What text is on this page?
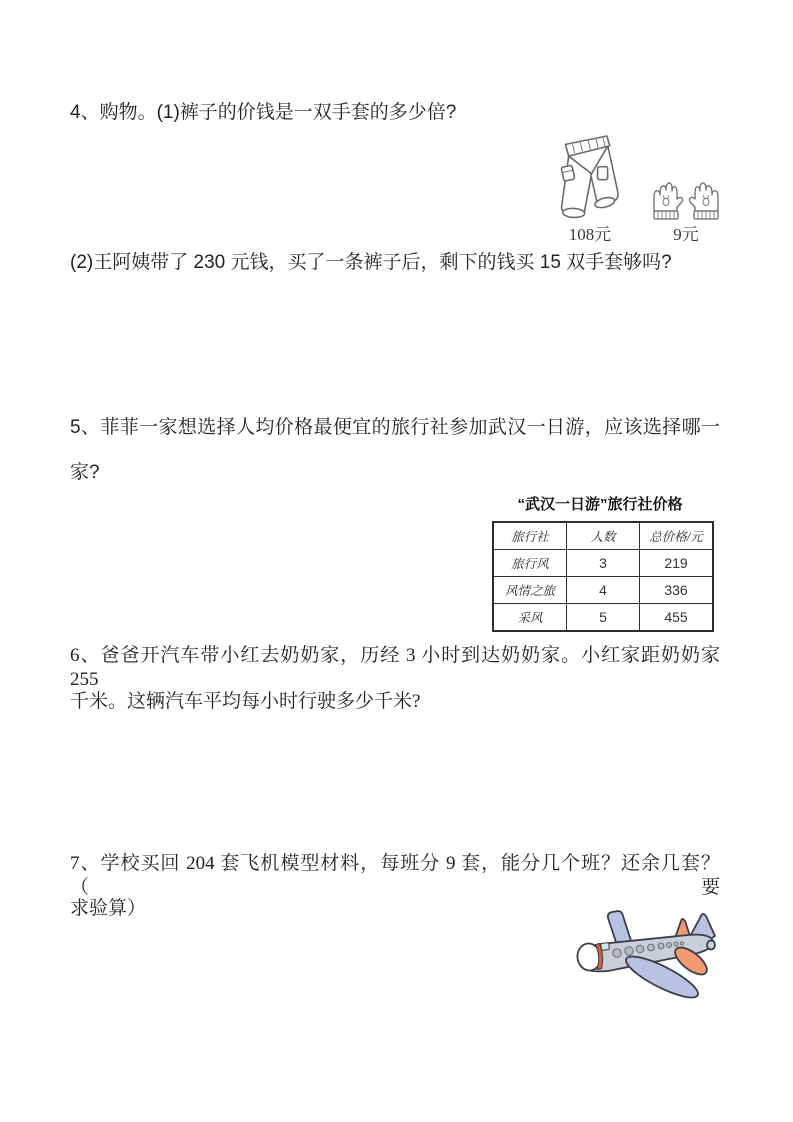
4、购物。(1)裤子的价钱是一双手套的多少倍?
108元	9元
(2)王阿姨带了 230 元钱，买了一条裤子后，剩下的钱买 15 双手套够吗?
5、菲菲一家想选择人均价格最便宜的旅行社参加武汉一日游，应该选择哪一
家?
“武汉一日游”旅行社价格
旅行社	人数	总价格/元
旅行风	3	219
风情之旅	4	336
采风	5	455
6、爸爸开汽车带小红去奶奶家，历经 3 小时到达奶奶家。小红家距奶奶家 255
千米。这辆汽车平均每小时行驶多少千米?
7、学校买回 204 套飞机模型材料，每班分 9 套，能分几个班？还余几套？（要
求验算）
